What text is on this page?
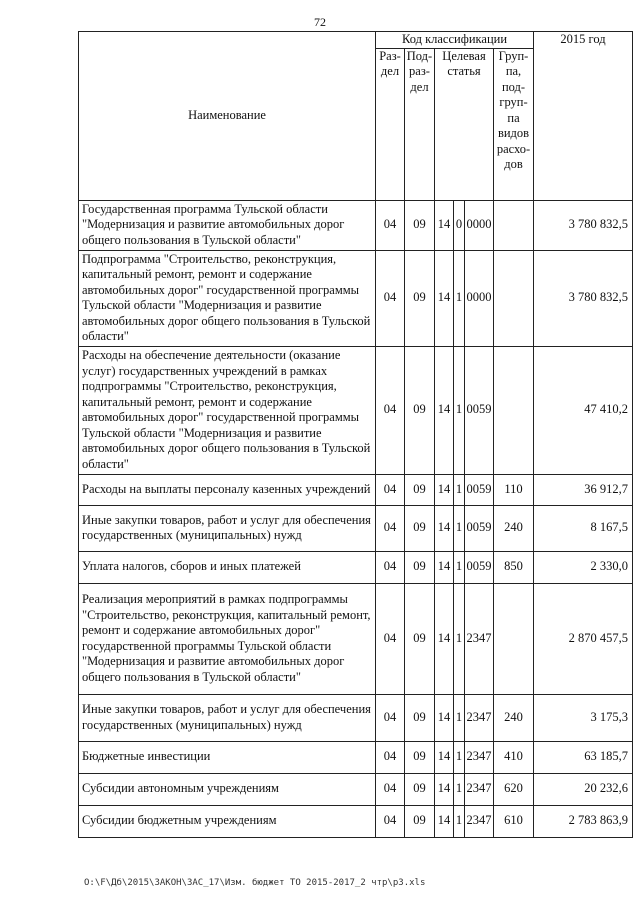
72
Наименование	Код классификации						2015 год
	Раз-дел	Под-раз-дел	Целевая статья			Груп-па, под-груп-па видов расхо-дов	
Государственная программа Тульской области "Модернизация и развитие автомобильных дорог общего пользования в Тульской области"	04	09	14	0	0000		3 780 832,5
Подпрограмма "Строительство, реконструкция, капитальный ремонт, ремонт и содержание автомобильных дорог" государственной программы Тульской области "Модернизация и развитие автомобильных дорог общего пользования в Тульской области"	04	09	14	1	0000		3 780 832,5
Расходы на обеспечение деятельности (оказание услуг) государственных учреждений в рамках подпрограммы "Строительство, реконструкция, капитальный ремонт, ремонт и содержание автомобильных дорог" государственной программы Тульской области "Модернизация и развитие автомобильных дорог общего пользования в Тульской области"	04	09	14	1	0059		47 410,2
Расходы на выплаты персоналу казенных учреждений	04	09	14	1	0059	110	36 912,7
Иные закупки товаров, работ и услуг для обеспечения государственных (муниципальных) нужд	04	09	14	1	0059	240	8 167,5
Уплата налогов, сборов и иных платежей	04	09	14	1	0059	850	2 330,0
Реализация мероприятий в рамках подпрограммы "Строительство, реконструкция, капитальный ремонт, ремонт и содержание автомобильных дорог" государственной программы Тульской области "Модернизация и развитие автомобильных дорог общего пользования в Тульской области"	04	09	14	1	2347		2 870 457,5
Иные закупки товаров, работ и услуг для обеспечения государственных (муниципальных) нужд	04	09	14	1	2347	240	3 175,3
Бюджетные инвестиции	04	09	14	1	2347	410	63 185,7
Субсидии автономным учреждениям	04	09	14	1	2347	620	20 232,6
Субсидии бюджетным учреждениям	04	09	14	1	2347	610	2 783 863,9
O:\F\Дб\2015\ЗАКОН\ЗАС_17\Изм. бюджет ТО 2015-2017_2 чтр\р3.xls
